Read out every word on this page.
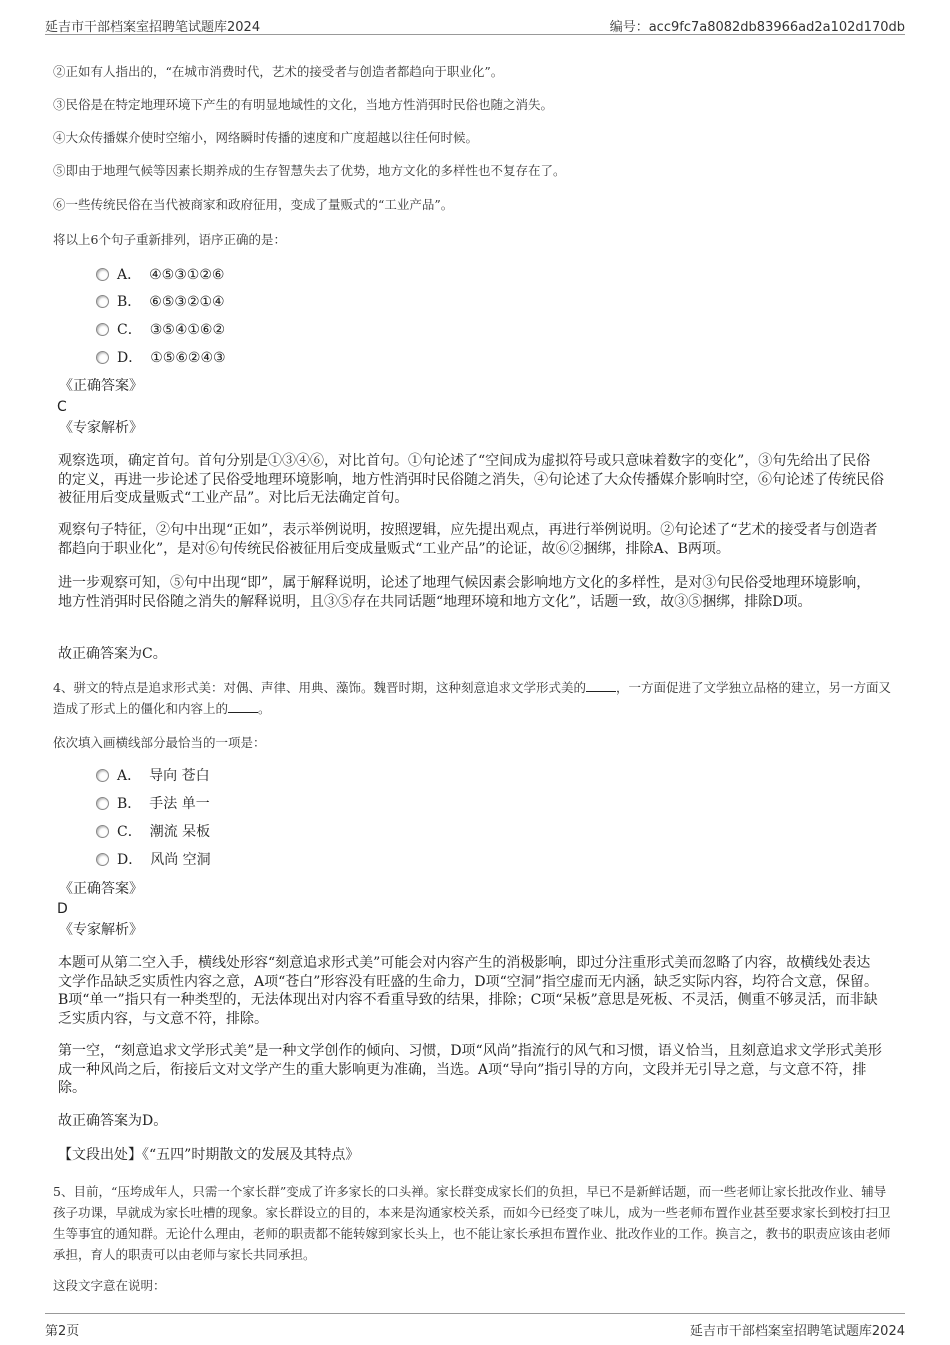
延吉市干部档案室招聘笔试题库2024	编号：acc9fc7a8082db83966ad2a102d170db
②正如有人指出的，“在城市消费时代，艺术的接受者与创造者都趋向于职业化”。
③民俗是在特定地理环境下产生的有明显地域性的文化，当地方性消弭时民俗也随之消失。
④大众传播媒介使时空缩小，网络瞬时传播的速度和广度超越以往任何时候。
⑤即由于地理气候等因素长期养成的生存智慧失去了优势，地方文化的多样性也不复存在了。
⑥一些传统民俗在当代被商家和政府征用，变成了量贩式的“工业产品”。
将以上6个句子重新排列，语序正确的是：
A． ④⑤③①②⑥
B． ⑥⑤③②①④
C． ③⑤④①⑥②
D． ①⑤⑥②④③
《正确答案》
C
《专家解析》
观察选项，确定首句。首句分别是①③④⑥，对比首句。①句论述了“空间成为虚拟符号或只意味着数字的变化”，③句先给出了民俗的定义，再进一步论述了民俗受地理环境影响，地方性消弭时民俗随之消失，④句论述了大众传播媒介影响时空，⑥句论述了传统民俗被征用后变成量贩式“工业产品”。对比后无法确定首句。
观察句子特征，②句中出现“正如”，表示举例说明，按照逻辑，应先提出观点，再进行举例说明。②句论述了“艺术的接受者与创造者都趋向于职业化”，是对⑥句传统民俗被征用后变成量贩式“工业产品”的论证，故⑥②捆绑，排除A、B两项。
进一步观察可知，⑤句中出现“即”，属于解释说明，论述了地理气候因素会影响地方文化的多样性，是对③句民俗受地理环境影响，地方性消弭时民俗随之消失的解释说明，且③⑤存在共同话题“地理环境和地方文化”，话题一致，故③⑤捆绑，排除D项。
故正确答案为C。
4、骈文的特点是追求形式美：对偶、声律、用典、藻饰。魏晋时期，这种刻意追求文学形式美的 ，一方面促进了文学独立品格的建立，另一方面又造成了形式上的僵化和内容上的 。
依次填入画横线部分最恰当的一项是：
A． 导向 苍白
B． 手法 单一
C． 潮流 呆板
D． 风尚 空洞
《正确答案》
D
《专家解析》
本题可从第二空入手，横线处形容“刻意追求形式美”可能会对内容产生的消极影响，即过分注重形式美而忽略了内容，故横线处表达文学作品缺乏实质性内容之意，A项“苍白”形容没有旺盛的生命力，D项“空洞”指空虚而无内涵，缺乏实际内容，均符合文意，保留。B项“单一”指只有一种类型的，无法体现出对内容不看重导致的结果，排除；C项“呆板”意思是死板、不灵活，侧重不够灵活，而非缺乏实质内容，与文意不符，排除。
第一空，“刻意追求文学形式美”是一种文学创作的倾向、习惯，D项“风尚”指流行的风气和习惯，语义恰当，且刻意追求文学形式美形成一种风尚之后，衔接后文对文学产生的重大影响更为准确，当选。A项“导向”指引导的方向，文段并无引导之意，与文意不符，排除。
故正确答案为D。
【文段出处】《“五四”时期散文的发展及其特点》
5、目前，“压垮成年人，只需一个家长群”变成了许多家长的口头禅。家长群变成家长们的负担，早已不是新鲜话题，而一些老师让家长批改作业、辅导孩子功课，早就成为家长吐槽的现象。家长群设立的目的，本来是沟通家校关系，而如今已经变了味儿，成为一些老师布置作业甚至要求家长到校打扫卫生等事宜的通知群。无论什么理由，老师的职责都不能转嫁到家长头上，也不能让家长承担布置作业、批改作业的工作。换言之，教书的职责应该由老师承担，育人的职责可以由老师与家长共同承担。
这段文字意在说明：
第2页	延吉市干部档案室招聘笔试题库2024
